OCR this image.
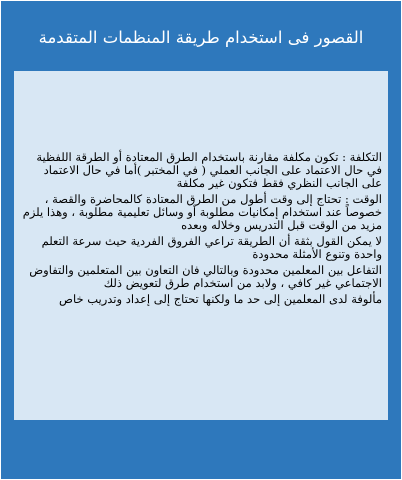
القصور فى استخدام طريقة المنظمات المتقدمة

التكلفة : تكون مكلفة مقارنة باستخدام الطرق المعتادة أو الطرقة اللفظية في حال الاعتماد على الجانب العملي ( في المختبر )أما في حال الاعتماد على الجانب النظري فقط فتكون غير مكلفة

الوقت : تحتاج إلى وقت أطول من الطرق المعتادة كالمحاضرة والقصة ، خصوصاً عند استخدام إمكانيات مطلوبة أو وسائل تعليمية مطلوبة ، وهذا يلزم مزيد من الوقت قبل التدريس وخلاله وبعده

لا يمكن القول بثقة أن الطريقة تراعي الفروق الفردية حيث سرعة التعلم واحدة وتنوع الأمثلة محدودة

التفاعل بين المعلمين محدودة وبالتالي فان التعاون بين المتعلمين والتفاوض الاجتماعي غير كافي ، ولابد من استخدام طرق لتعويض ذلك

مألوفة لدى المعلمين إلى حد ما ولكنها تحتاج إلى إعداد وتدريب خاص
